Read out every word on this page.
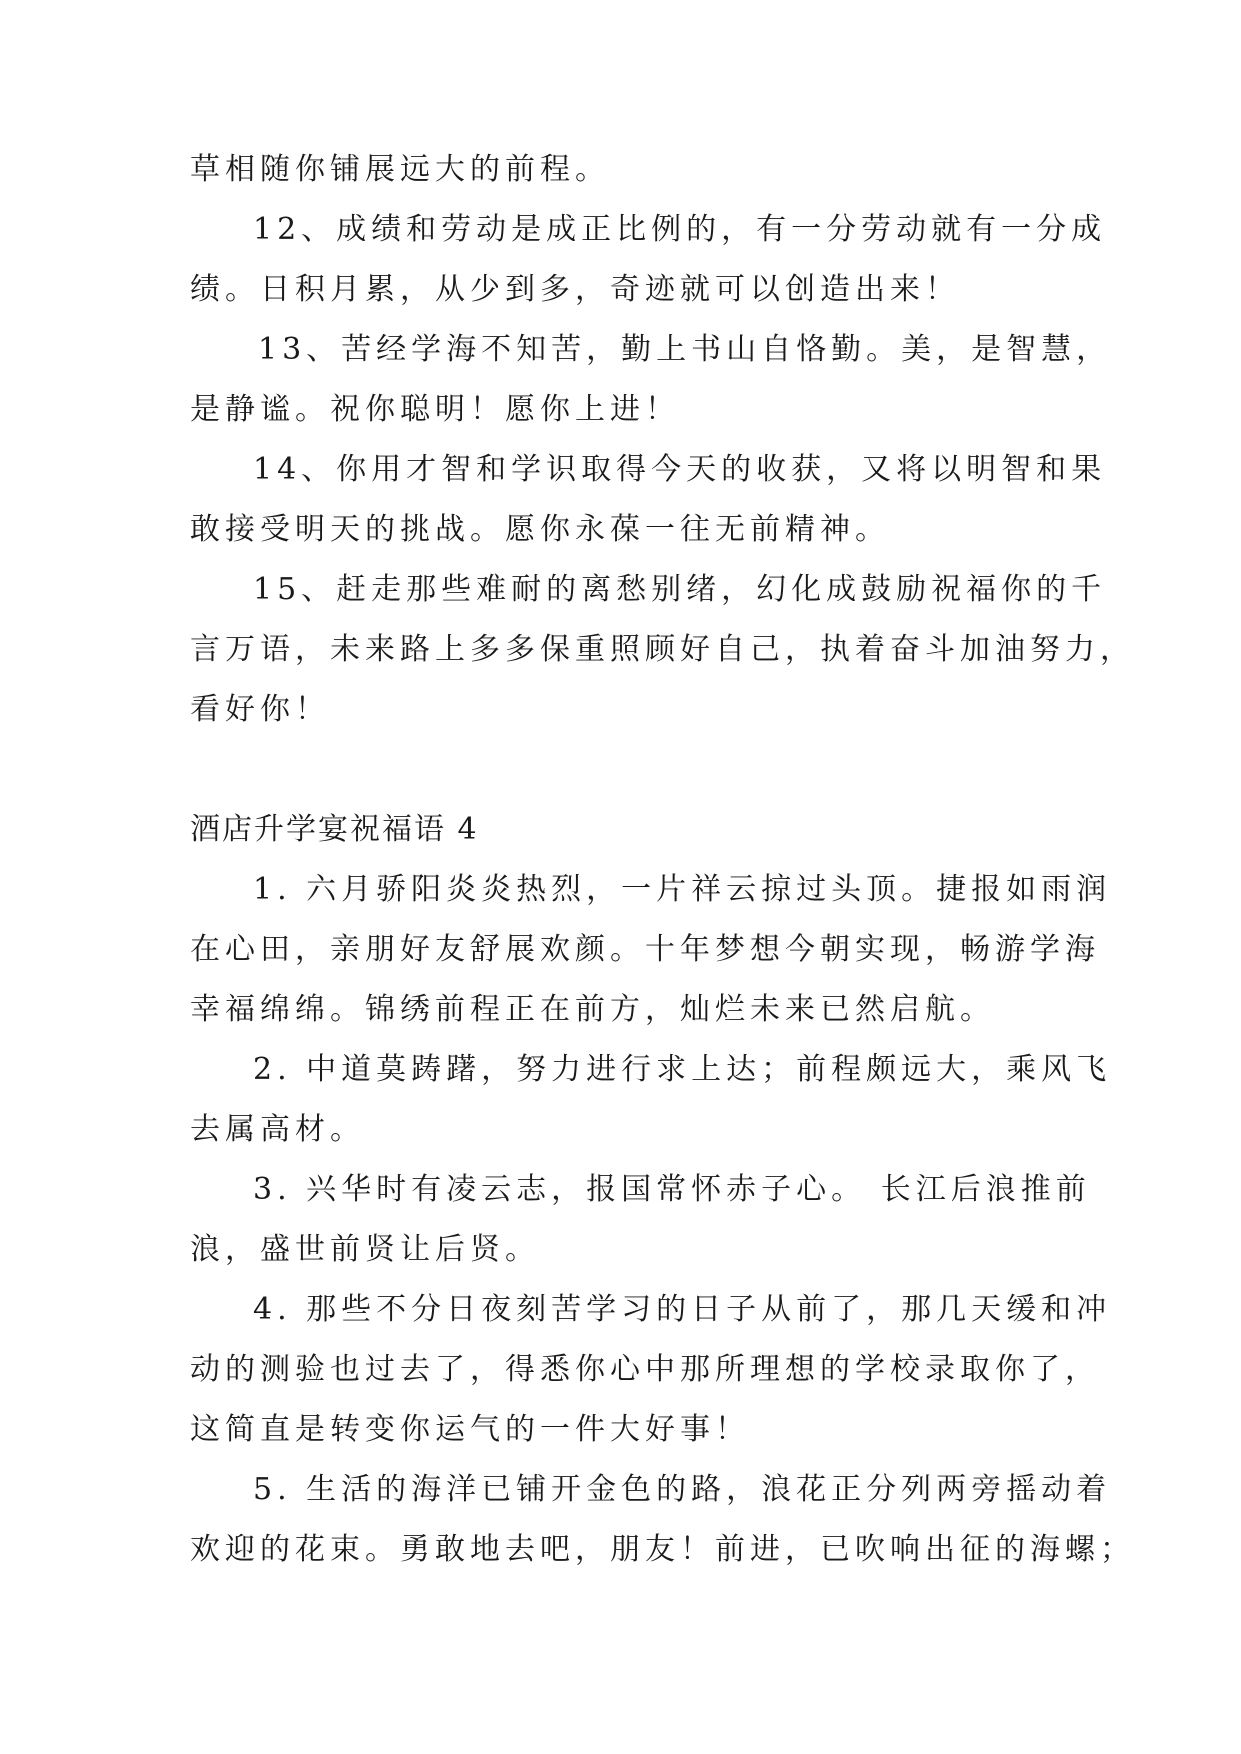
草相随你铺展远大的前程。
12、成绩和劳动是成正比例的，有一分劳动就有一分成
绩。日积月累，从少到多，奇迹就可以创造出来！
13、苦经学海不知苦，勤上书山自恪勤。美，是智慧，
是静谧。祝你聪明！愿你上进！
14、你用才智和学识取得今天的收获，又将以明智和果
敢接受明天的挑战。愿你永葆一往无前精神。
15、赶走那些难耐的离愁别绪，幻化成鼓励祝福你的千
言万语，未来路上多多保重照顾好自己，执着奋斗加油努力，
看好你！
酒店升学宴祝福语 4
1. 六月骄阳炎炎热烈，一片祥云掠过头顶。捷报如雨润
在心田，亲朋好友舒展欢颜。十年梦想今朝实现，畅游学海
幸福绵绵。锦绣前程正在前方，灿烂未来已然启航。
2. 中道莫踌躇，努力进行求上达；前程颇远大，乘风飞
去属高材。
3. 兴华时有凌云志，报国常怀赤子心。 长江后浪推前
浪，盛世前贤让后贤。
4. 那些不分日夜刻苦学习的日子从前了，那几天缓和冲
动的测验也过去了，得悉你心中那所理想的学校录取你了，
这简直是转变你运气的一件大好事！
5. 生活的海洋已铺开金色的路，浪花正分列两旁摇动着
欢迎的花束。勇敢地去吧，朋友！前进，已吹响出征的海螺；
